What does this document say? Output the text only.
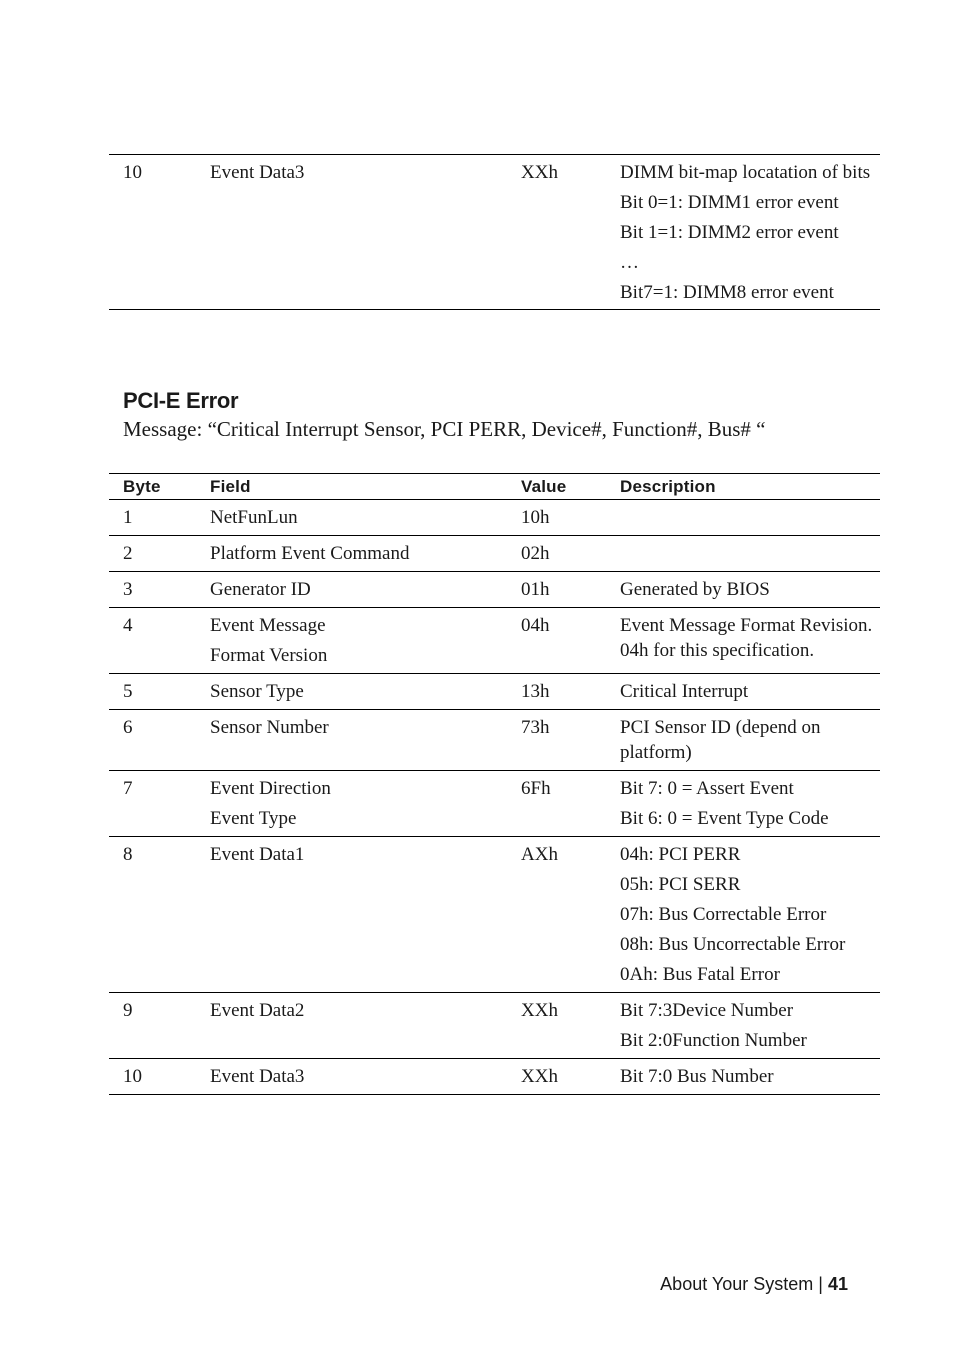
10	Event Data3	XXh	DIMM bit-map locatation of bits
Bit 0=1: DIMM1 error event
Bit 1=1: DIMM2 error event
…
Bit7=1: DIMM8 error event
PCI-E Error
Message: “Critical Interrupt Sensor, PCI PERR, Device#, Function#, Bus# “
Byte	Field	Value	Description
1	NetFunLun	10h	
2	Platform Event Command	02h	
3	Generator ID	01h	Generated by BIOS

4	Event Message
Format Version	04h	Event Message Format Revision. 04h for this specification.

5	Sensor Type	13h	Critical Interrupt

6	Sensor Number	73h	PCI Sensor ID (depend on platform)

7	Event Direction
Event Type	6Fh	Bit 7: 0 = Assert Event
Bit 6: 0 = Event Type Code

8	Event Data1	AXh	04h: PCI PERR
05h: PCI SERR
07h: Bus Correctable Error
08h: Bus Uncorrectable Error
0Ah: Bus Fatal Error

9	Event Data2	XXh	Bit 7:3Device Number
Bit 2:0Function Number

10	Event Data3	XXh	Bit 7:0 Bus Number
About Your System | 41
